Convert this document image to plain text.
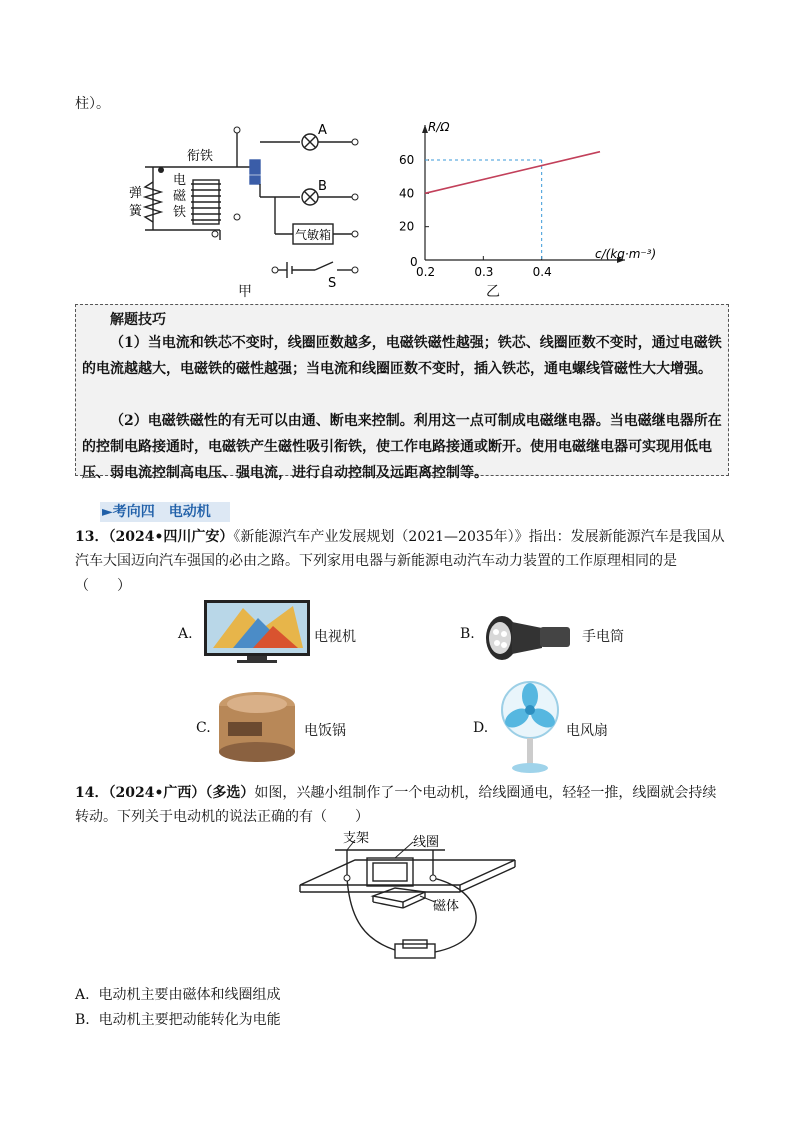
柱）。
衔铁
电
磁
铁
弹
簧
A
B
气敏箱
S
甲
R/Ω
c/(kg·m⁻³)
0
20
40
60
0.2	0.3	0.4
乙
解题技巧
（1）当电流和铁芯不变时，线圈匝数越多，电磁铁磁性越强；铁芯、线圈匝数不变时，通过电磁铁的电流越越大，电磁铁的磁性越强；当电流和线圈匝数不变时，插入铁芯，通电螺线管磁性大大增强。
（2）电磁铁磁性的有无可以由通、断电来控制。利用这一点可制成电磁继电器。当电磁继电器所在的控制电路接通时，电磁铁产生磁性吸引衔铁，使工作电路接通或断开。使用电磁继电器可实现用低电压、弱电流控制高电压、强电流，进行自动控制及远距离控制等。
►考向四　电动机
13．（2024•四川广安）《新能源汽车产业发展规划（2021—2035年）》指出：发展新能源汽车是我国从汽车大国迈向汽车强国的必由之路。下列家用电器与新能源电动汽车动力装置的工作原理相同的是
（　　）
A.	电视机	B.	手电筒
C.	电饭锅	D.	电风扇
14．（2024•广西）（多选）如图，兴趣小组制作了一个电动机，给线圈通电，轻轻一推，线圈就会持续转动。下列关于电动机的说法正确的有（　　）
支架	线圈
磁体
A. 电动机主要由磁体和线圈组成
B. 电动机主要把动能转化为电能
